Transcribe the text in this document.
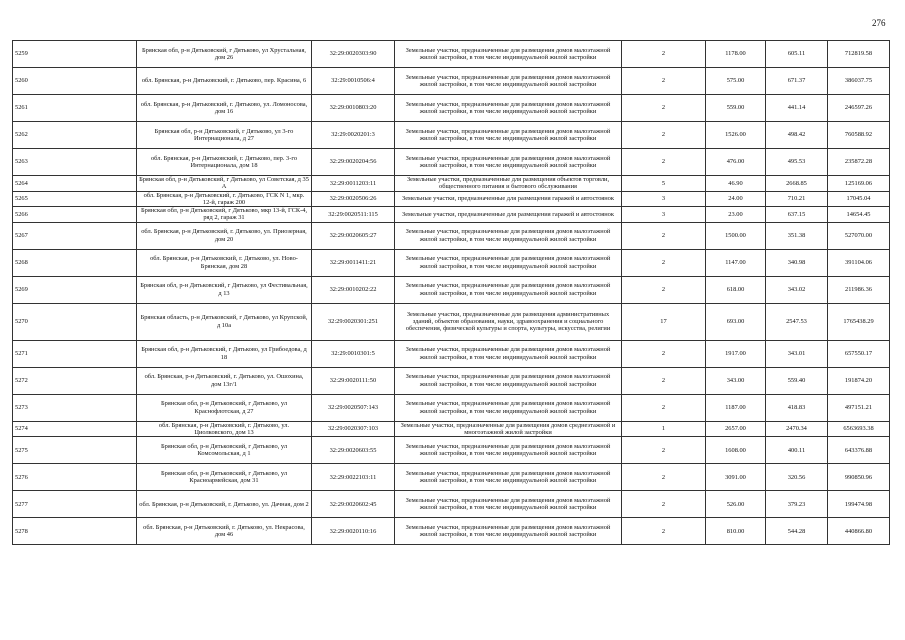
276
5259	Брянская обл, р-н Дятьковский, г Дятьково, ул Хрустальная, дом 26	32:29:0020303:90	Земельные участки, предназначенные для размещения домов малоэтажной жилой застройки, в том числе индивидуальной жилой застройки	2	1178.00	605.11	712819.58
5260	обл. Брянская, р-н Дятьковский, г. Дятьково, пер. Красина, 6	32:29:0010506:4	Земельные участки, предназначенные для размещения домов малоэтажной жилой застройки, в том числе индивидуальной жилой застройки	2	575.00	671.37	386037.75
5261	обл. Брянская, р-н Дятьковский, г. Дятьково, ул. Ломоносова, дом 16	32:29:0010803:20	Земельные участки, предназначенные для размещения домов малоэтажной жилой застройки, в том числе индивидуальной жилой застройки	2	559.00	441.14	246597.26
5262	Брянская обл, р-н Дятьковский, г Дятьково, ул 3-го Интернационала, д 27	32:29:0020201:3	Земельные участки, предназначенные для размещения домов малоэтажной жилой застройки, в том числе индивидуальной жилой застройки	2	1526.00	498.42	760588.92
5263	обл. Брянская, р-н Дятьковский, г. Дятьково, пер. 3-го Интернационала, дом 18	32:29:0020204:56	Земельные участки, предназначенные для размещения домов малоэтажной жилой застройки, в том числе индивидуальной жилой застройки	2	476.00	495.53	235872.28
5264	Брянская обл, р-н Дятьковский, г Дятьково, ул Советская, д 35 А	32:29:0011203:11	Земельные участки, предназначенные для размещения объектов торговли, общественного питания и бытового обслуживания	5	46.90	2668.85	125169.06
5265	обл. Брянская, р-н Дятьковский, г. Дятьково, ГСК N 1, мкр. 12-й, гараж 200	32:29:0020506:26	Земельные участки, предназначенные для размещения гаражей и автостоянок	3	24.00	710.21	17045.04
5266	Брянская обл, р-н Дятьковский, г Дятьково, мкр 13-й, ГСК-4, ряд 2, гараж 31	32:29:0020511:115	Земельные участки, предназначенные для размещения гаражей и автостоянок	3	23.00	637.15	14654.45
5267	обл. Брянская, р-н Дятьковский, г. Дятьково, ул. Приозерная, дом 20	32:29:0020605:27	Земельные участки, предназначенные для размещения домов малоэтажной жилой застройки, в том числе индивидуальной жилой застройки	2	1500.00	351.38	527070.00
5268	обл. Брянская, р-н Дятьковский, г. Дятьково, ул. Ново-Брянская, дом 28	32:29:0011411:21	Земельные участки, предназначенные для размещения домов малоэтажной жилой застройки, в том числе индивидуальной жилой застройки	2	1147.00	340.98	391104.06
5269	Брянская обл, р-н Дятьковский, г Дятьково, ул Фестивальная, д 13	32:29:0010202:22	Земельные участки, предназначенные для размещения домов малоэтажной жилой застройки, в том числе индивидуальной жилой застройки	2	618.00	343.02	211986.36
5270	Брянская область, р-н Дятьковский, г Дятьково, ул Крупской, д 10а	32:29:0020301:251	Земельные участки, предназначенные для размещения административных зданий, объектов образования, науки, здравоохранения и социального обеспечения, физической культуры и спорта, культуры, искусства, религии	17	693.00	2547.53	1765438.29
5271	Брянская обл, р-н Дятьковский, г Дятьково, ул Грибоедова, д 18	32:29:0010301:5	Земельные участки, предназначенные для размещения домов малоэтажной жилой застройки, в том числе индивидуальной жилой застройки	2	1917.00	343.01	657550.17
5272	обл. Брянская, р-н Дятьковский, г. Дятьково, ул. Ошохина, дом 13г/1	32:29:0020111:50	Земельные участки, предназначенные для размещения домов малоэтажной жилой застройки, в том числе индивидуальной жилой застройки	2	343.00	559.40	191874.20
5273	Брянская обл, р-н Дятьковский, г Дятьково, ул Краснофлотская, д 27	32:29:0020507:143	Земельные участки, предназначенные для размещения домов малоэтажной жилой застройки, в том числе индивидуальной жилой застройки	2	1187.00	418.83	497151.21
5274	обл. Брянская, р-н Дятьковский, г. Дятьково, ул. Циолковского, дом 13	32:29:0020307:103	Земельные участки, предназначенные для размещения домов среднеэтажной и многоэтажной жилой застройки	1	2657.00	2470.34	6563693.38
5275	Брянская обл, р-н Дятьковский, г Дятьково, ул Комсомольская, д 1	32:29:0020603:55	Земельные участки, предназначенные для размещения домов малоэтажной жилой застройки, в том числе индивидуальной жилой застройки	2	1608.00	400.11	643376.88
5276	Брянская обл, р-н Дятьковский, г Дятьково, ул Красноармейская, дом 31	32:29:0022103:11	Земельные участки, предназначенные для размещения домов малоэтажной жилой застройки, в том числе индивидуальной жилой застройки	2	3091.00	320.56	990850.96
5277	обл. Брянская, р-н Дятьковский, г. Дятьково, ул. Дачная, дом 2	32:29:0020602:45	Земельные участки, предназначенные для размещения домов малоэтажной жилой застройки, в том числе индивидуальной жилой застройки	2	526.00	379.23	199474.98
5278	обл. Брянская, р-н Дятьковский, г. Дятьково, ул. Некрасова, дом 46	32:29:0020110:16	Земельные участки, предназначенные для размещения домов малоэтажной жилой застройки, в том числе индивидуальной жилой застройки	2	810.00	544.28	440866.80
